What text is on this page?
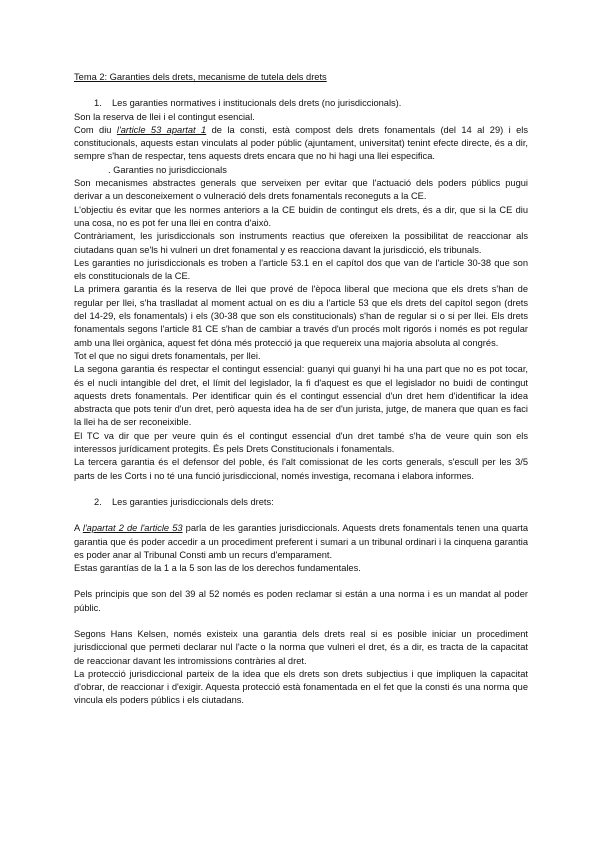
Tema 2: Garanties dels drets, mecanisme de tutela dels drets

1. Les garanties normatives i institucionals dels drets (no jurisdiccionals).

Son la reserva de llei i el contingut esencial.

Com diu l'article 53 apartat 1 de la consti, està compost dels drets fonamentals (del 14 al 29) i els constitucionals, aquests estan vinculats al poder públic (ajuntament, universitat) tenint efecte directe, és a dir, sempre s'han de respectar, tens aquests drets encara que no hi hagi una llei especifica.

. Garanties no jurisdiccionals

Son mecanismes abstractes generals que serveixen per evitar que l'actuació dels poders públics pugui derivar a un desconeixement o vulneració dels drets fonamentals reconeguts a la CE.

L'objectiu és evitar que les normes anteriors a la CE buidin de contingut els drets, és a dir, que si la CE diu una cosa, no es pot fer una llei en contra d'això.

Contràriament, les jurisdiccionals son instruments reactius que ofereixen la possibilitat de reaccionar als ciutadans quan se'ls hi vulneri un dret fonamental y es reacciona davant la jurisdicció, els tribunals.

Les garanties no jurisdiccionals es troben a l'article 53.1 en el capítol dos que van de l'article 30-38 que son els constitucionals de la CE.

La primera garantia és la reserva de llei que prové de l'època liberal que meciona que els drets s'han de regular per llei, s'ha traslladat al moment actual on es diu a l'article 53 que els drets del capítol segon (drets del 14-29, els fonamentals) i els (30-38 que son els constitucionals) s'han de regular si o si per llei. Els drets fonamentals segons l'article 81 CE s'han de cambiar a través d'un procés molt rigorós i només es pot regular amb una llei orgànica, aquest fet dóna més protecció ja que requereix una majoria absoluta al congrés.

Tot el que no sigui drets fonamentals, per llei.

La segona garantia és respectar el contingut essencial: guanyi qui guanyi hi ha una part que no es pot tocar, és el nucli intangible del dret, el límit del legislador, la fi d'aquest es que el legislador no buidi de contingut aquests drets fonamentals. Per identificar quin és el contingut essencial d'un dret hem d'identificar la idea abstracta que pots tenir d'un dret, però aquesta idea ha de ser d'un jurista, jutge, de manera que quan es faci la llei ha de ser reconeixible.

El TC va dir que per veure quin és el contingut essencial d'un dret també s'ha de veure quin son els interessos jurídicament protegits. És pels Drets Constitucionals i fonamentals.

La tercera garantia és el defensor del poble, és l'alt comissionat de les corts generals, s'escull per les 3/5 parts de les Corts i no té una funció jurisdiccional, només investiga, recomana i elabora informes.

2. Les garanties jurisdiccionals dels drets:

A l'apartat 2 de l'article 53 parla de les garanties jurisdiccionals. Aquests drets fonamentals tenen una quarta garantia que és poder accedir a un procediment preferent i sumari a un tribunal ordinari i la cinquena garantia es poder anar al Tribunal Consti amb un recurs d'emparament.

Estas garantías de la 1 a la 5 son las de los derechos fundamentales.

Pels principis que son del 39 al 52 només es poden reclamar si están a una norma i es un mandat al poder públic.

Segons Hans Kelsen, només existeix una garantia dels drets real si es posible iniciar un procediment jurisdiccional que permeti declarar nul l'acte o la norma que vulneri el dret, és a dir, es tracta de la capacitat de reaccionar davant les intromissions contràries al dret.

La protecció jurisdiccional parteix de la idea que els drets son drets subjectius i que impliquen la capacitat d'obrar, de reaccionar i d'exigir. Aquesta protecció està fonamentada en el fet que la consti és una norma que vincula els poders públics i els ciutadans.
